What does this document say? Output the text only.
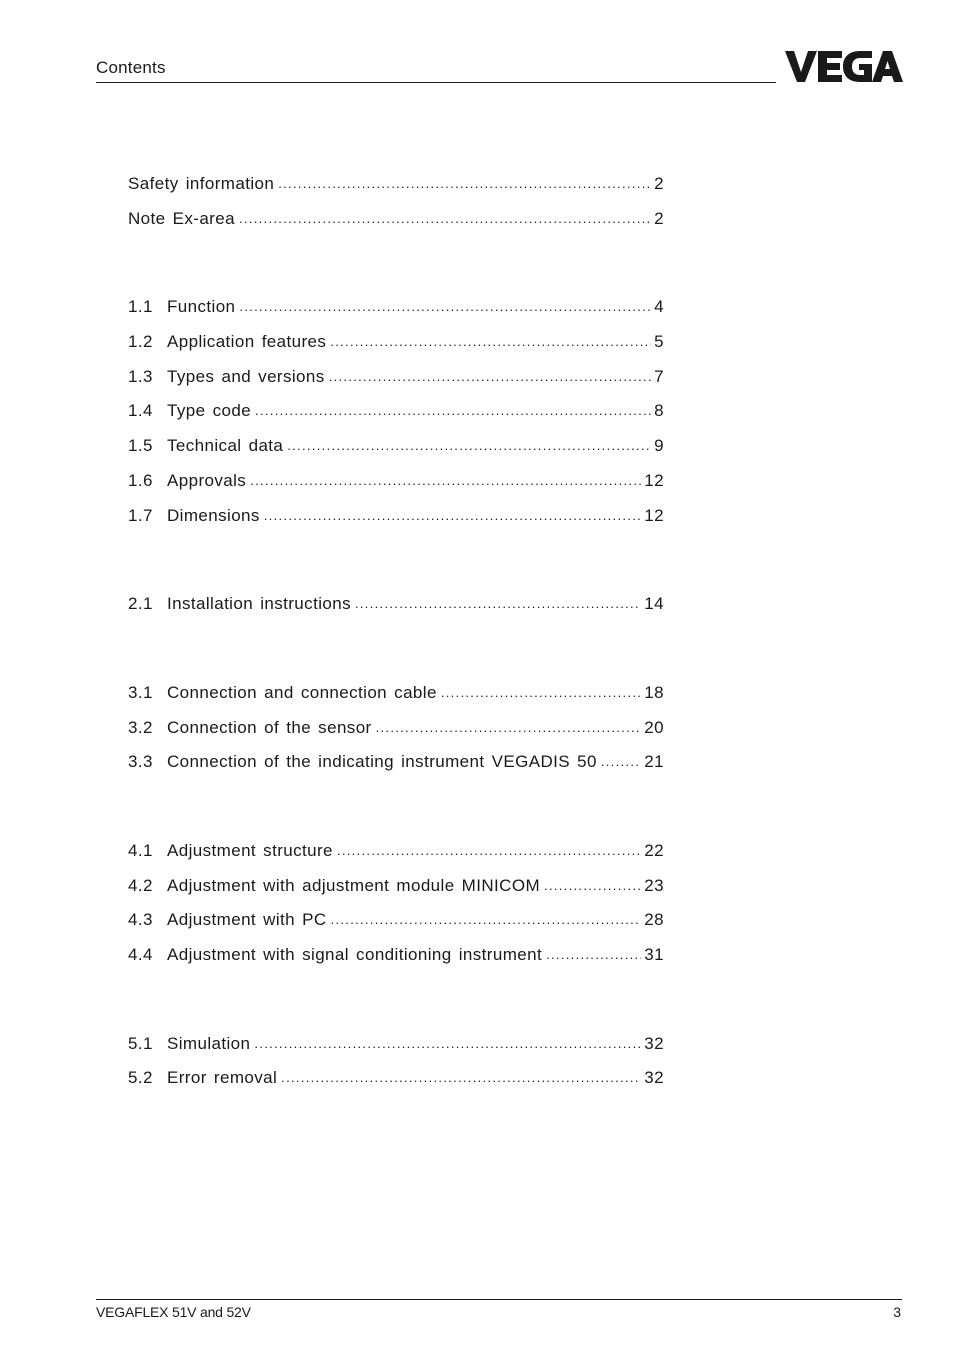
Contents
Safety information .....	2
Note Ex-area .....	2
1.1 Function .....	4
1.2 Application features .....	5
1.3 Types and versions .....	7
1.4 Type code .....	8
1.5 Technical data .....	9
1.6 Approvals .....	12
1.7 Dimensions .....	12
2.1 Installation instructions .....	14
3.1 Connection and connection cable .....	18
3.2 Connection of the sensor .....	20
3.3 Connection of the indicating instrument VEGADIS 50 .....	21
4.1 Adjustment structure .....	22
4.2 Adjustment with adjustment module MINICOM .....	23
4.3 Adjustment with PC .....	28
4.4 Adjustment with signal conditioning instrument .....	31
5.1 Simulation .....	32
5.2 Error removal .....	32
VEGAFLEX 51V and 52V	3
